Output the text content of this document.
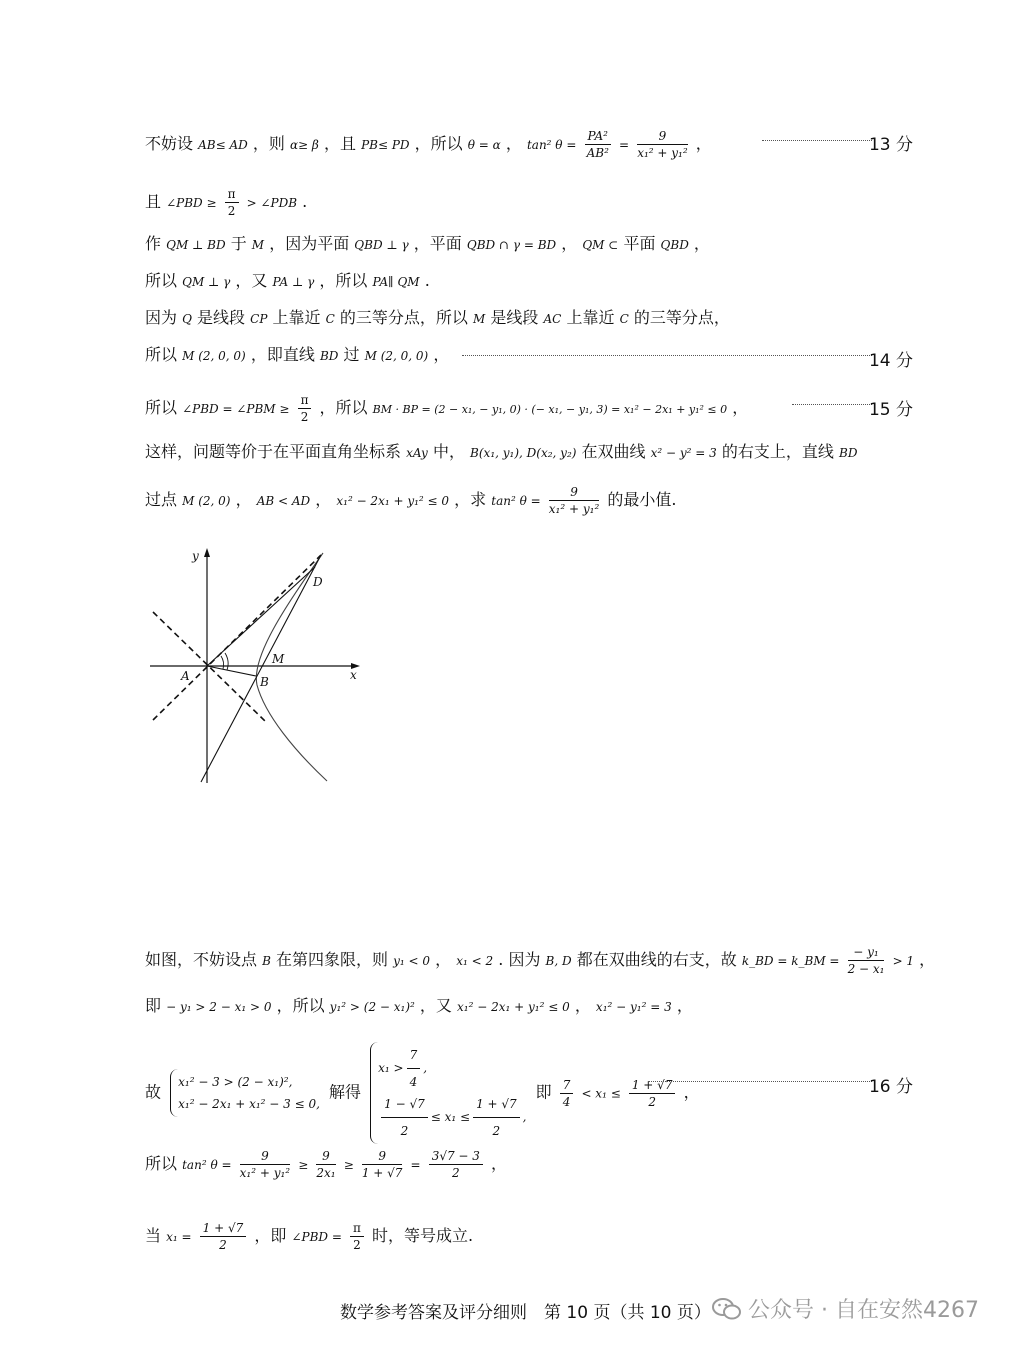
不妨设 AB≤ AD ，则 α≥ β ，且 PB≤ PD ，所以 θ = α ， tan² $\theta = \frac{\text{PA²}}{\text{AB²}} = \frac{9}{\text{x₁² + y₁²}}$ ，	13 分
且 ∠PBD ≥ $\frac{\pi}{2}$ > ∠PDB .
作 QM ⊥ BD 于 M ，因为平面 QBD ⊥ γ ，平面 QBD ∩ γ = BD ， QM ⊂ 平面 QBD ，
所以 QM ⊥ γ ，又 PA ⊥ γ ，所以 PA∥ QM .
因为 Q 是线段 CP 上靠近 C 的三等分点，所以 M 是线段 AC 上靠近 C 的三等分点，
所以 M (2, 0, 0) ，即直线 BD 过 M (2, 0, 0) ，	14 分
所以 ∠PBD = ∠PBM ≥ $\frac{\pi}{2}$ ，所以 BM · BP = (2 − x₁, − y₁, 0) · (− x₁, − y₁, 3) = x₁² − 2x₁ + y₁² ≤ 0 ，	15 分
这样，问题等价于在平面直角坐标系 xAy 中， B(x₁, y₁), D(x₂, y₂) 在双曲线 x² − y² = 3 的右支上，直线 BD
过点 M (2, 0) ， AB < AD ， x₁² − 2x₁ + y₁² ≤ 0 ，求 tan² $\theta = \frac{9}{\text{x₁² + y₁²}}$ 的最小值.
y
x
A	B
D
M
如图，不妨设点 B 在第四象限，则 y₁ < 0 ， x₁ < 2 . 因为 B, D 都在双曲线的右支，故 k_BD = k_BM = $\frac{\text{− y₁}}{\text{2 − x₁}} > 1$ ，
即 − y₁ > 2 − x₁ > 0 ，所以 y₁² > (2 − x₁)² ，又 x₁² − 2x₁ + y₁² ≤ 0 ， x₁² − y₁² = 3 ，
故
x₁² − 3 > (2 − x₁)²,
x₁² − 2x₁ + x₁² − 3 ≤ 0,
解得
$x_1 > \frac{7}{4}$ ,
$\frac{1 - √7}{2} \le x_1 \le \frac{1 + √7}{2}$ ,
即 $\frac{7}{4} < x_1 \le \frac{1 + √7}{2}$ ，	16 分
所以 tan² $\theta = \frac{9}{\text{x₁² + y₁²}} \ge \frac{9}{\text{2x₁}} \ge \frac{9}{1 + √7} = \frac{3√7 - 3}{2}$ ，
当 $x_1 = \frac{1 + √7}{2}$ ，即 ∠PBD = $\frac{\pi}{2}$ 时，等号成立.
数学参考答案及评分细则　第 10 页（共 10 页）	公众号 · 自在安然4267
